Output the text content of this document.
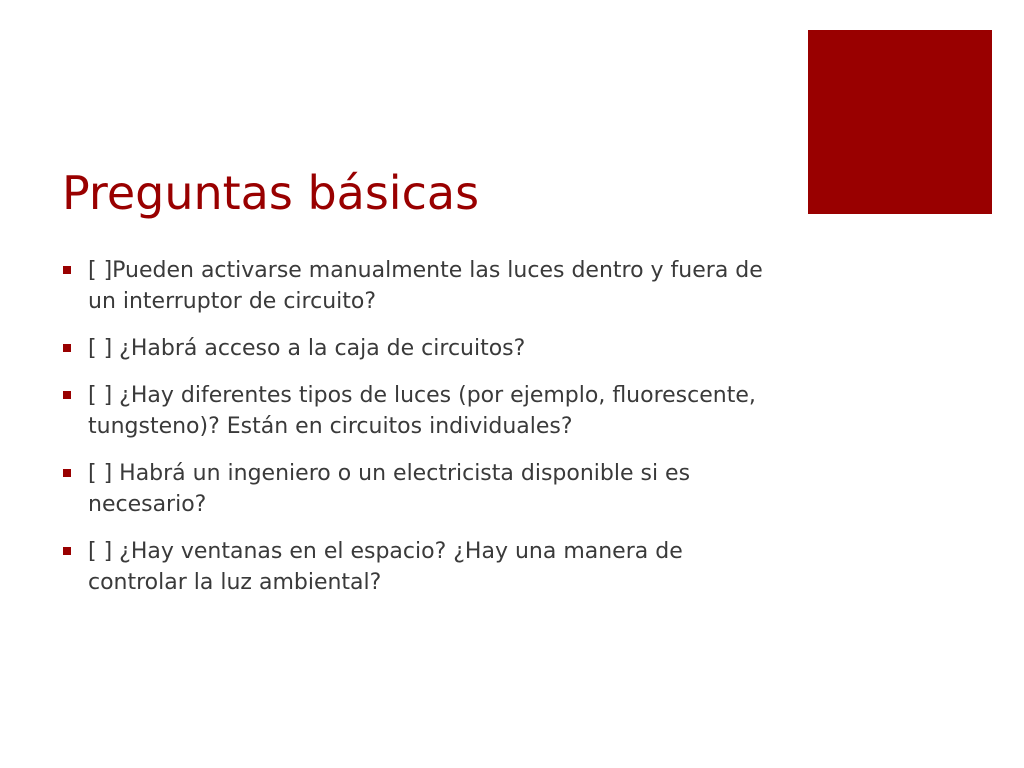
Preguntas básicas
[ ]Pueden activarse manualmente las luces dentro y fuera de un interruptor de circuito?
[ ] ¿Habrá acceso a la caja de circuitos?
[ ] ¿Hay diferentes tipos de luces (por ejemplo, fluorescente, tungsteno)? Están en circuitos individuales?
[ ] Habrá un ingeniero o un electricista disponible si es necesario?
[ ] ¿Hay ventanas en el espacio? ¿Hay una manera de controlar la luz ambiental?
